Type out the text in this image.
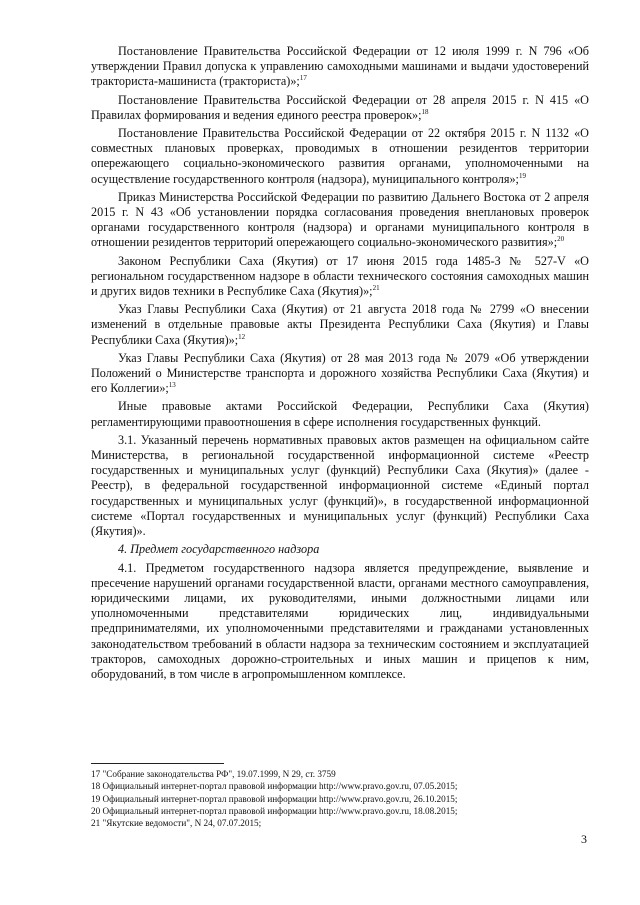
Постановление Правительства Российской Федерации от 12 июля 1999 г. N 796 «Об утверждении Правил допуска к управлению самоходными машинами и выдачи удостоверений тракториста-машиниста (тракториста)»;$^{17}$

Постановление Правительства Российской Федерации от 28 апреля 2015 г. N 415 «О Правилах формирования и ведения единого реестра проверок»;$^{18}$

Постановление Правительства Российской Федерации от 22 октября 2015 г. N 1132 «О совместных плановых проверках, проводимых в отношении резидентов территории опережающего социально-экономического развития органами, уполномоченными на осуществление государственного контроля (надзора), муниципального контроля»;$^{19}$

Приказ Министерства Российской Федерации по развитию Дальнего Востока от 2 апреля 2015 г. N 43 «Об установлении порядка согласования проведения внеплановых проверок органами государственного контроля (надзора) и органами муниципального контроля в отношении резидентов территорий опережающего социально-экономического развития»;$^{20}$

Законом Республики Саха (Якутия) от 17 июня 2015 года 1485-З № 527-V «О региональном государственном надзоре в области технического состояния самоходных машин и других видов техники в Республике Саха (Якутия)»;$^{21}$

Указ Главы Республики Саха (Якутия) от 21 августа 2018 года № 2799 «О внесении изменений в отдельные правовые акты Президента Республики Саха (Якутия) и Главы Республики Саха (Якутия)»;$^{12}$

Указ Главы Республики Саха (Якутия) от 28 мая 2013 года № 2079 «Об утверждении Положений о Министерстве транспорта и дорожного хозяйства Республики Саха (Якутия) и его Коллегии»;$^{13}$

Иные правовые актами Российской Федерации, Республики Саха (Якутия) регламентирующими правоотношения в сфере исполнения государственных функций.

3.1. Указанный перечень нормативных правовых актов размещен на официальном сайте Министерства, в региональной государственной информационной системе «Реестр государственных и муниципальных услуг (функций) Республики Саха (Якутия)» (далее - Реестр), в федеральной государственной информационной системе «Единый портал государственных и муниципальных услуг (функций)», в государственной информационной системе «Портал государственных и муниципальных услуг (функций) Республики Саха (Якутия)».

4. Предмет государственного надзора

4.1. Предметом государственного надзора является предупреждение, выявление и пресечение нарушений органами государственной власти, органами местного самоуправления, юридическими лицами, их руководителями, иными должностными лицами или уполномоченными представителями юридических лиц, индивидуальными предпринимателями, их уполномоченными представителями и гражданами установленных законодательством требований в области надзора за техническим состоянием и эксплуатацией тракторов, самоходных дорожно-строительных и иных машин и прицепов к ним, оборудований, в том числе в агропромышленном комплексе.

17 "Собрание законодательства РФ", 19.07.1999, N 29, ст. 3759
18 Официальный интернет-портал правовой информации http://www.pravo.gov.ru, 07.05.2015;
19 Официальный интернет-портал правовой информации http://www.pravo.gov.ru, 26.10.2015;
20 Официальный интернет-портал правовой информации http://www.pravo.gov.ru, 18.08.2015;
21 "Якутские ведомости", N 24, 07.07.2015;
3
